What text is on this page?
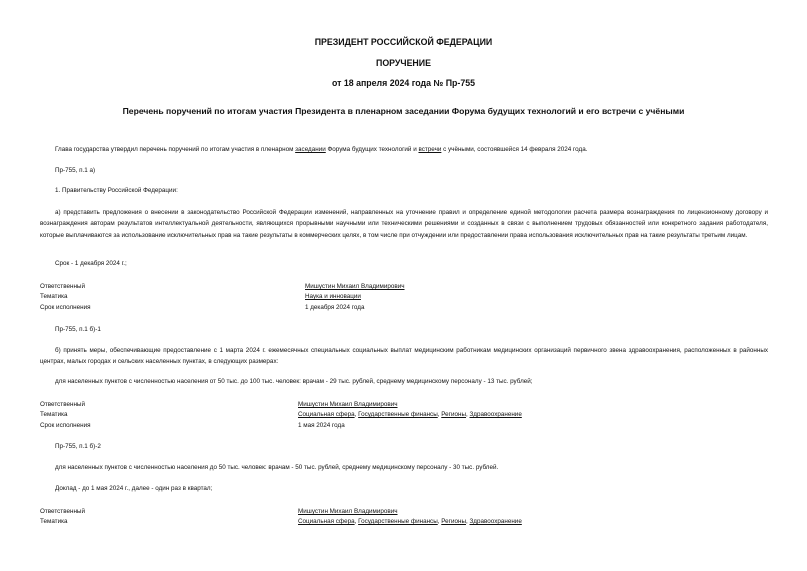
ПРЕЗИДЕНТ РОССИЙСКОЙ ФЕДЕРАЦИИ
ПОРУЧЕНИЕ
от 18 апреля 2024 года № Пр-755
Перечень поручений по итогам участия Президента в пленарном заседании Форума будущих технологий и его встречи с учёными
Глава государства утвердил перечень поручений по итогам участия в пленарном заседании Форума будущих технологий и встречи с учёными, состоявшейся 14 февраля 2024 года.
Пр-755, п.1 а)
1. Правительству Российской Федерации:
а) представить предложения о внесении в законодательство Российской Федерации изменений, направленных на уточнение правил и определение единой методологии расчета размера вознаграждения по лицензионному договору и вознаграждения авторам результатов интеллектуальной деятельности, являющихся прорывными научными или техническими решениями и созданных в связи с выполнением трудовых обязанностей или конкретного задания работодателя, которые выплачиваются за использование исключительных прав на такие результаты в коммерческих целях, в том числе при отчуждении или предоставлении права использования исключительных прав на такие результаты третьим лицам.
Срок - 1 декабря 2024 г.;
Ответственный
Тематика
Срок исполнения
Мишустин Михаил Владимирович
Наука и инновации
1 декабря 2024 года
Пр-755, п.1 б)-1
б) принять меры, обеспечивающие предоставление с 1 марта 2024 г. ежемесячных специальных социальных выплат медицинским работникам медицинских организаций первичного звена здравоохранения, расположенных в районных центрах, малых городах и сельских населенных пунктах, в следующих размерах:
для населенных пунктов с численностью населения от 50 тыс. до 100 тыс. человек: врачам - 29 тыс. рублей, среднему медицинскому персоналу - 13 тыс. рублей;
Ответственный
Тематика
Срок исполнения
Мишустин Михаил Владимирович
Социальная сфера, Государственные финансы, Регионы, Здравоохранение
1 мая 2024 года
Пр-755, п.1 б)-2
для населенных пунктов с численностью населения до 50 тыс. человек: врачам - 50 тыс. рублей, среднему медицинскому персоналу - 30 тыс. рублей.
Доклад - до 1 мая 2024 г., далее - один раз в квартал;
Ответственный
Тематика
Мишустин Михаил Владимирович
Социальная сфера, Государственные финансы, Регионы, Здравоохранение
